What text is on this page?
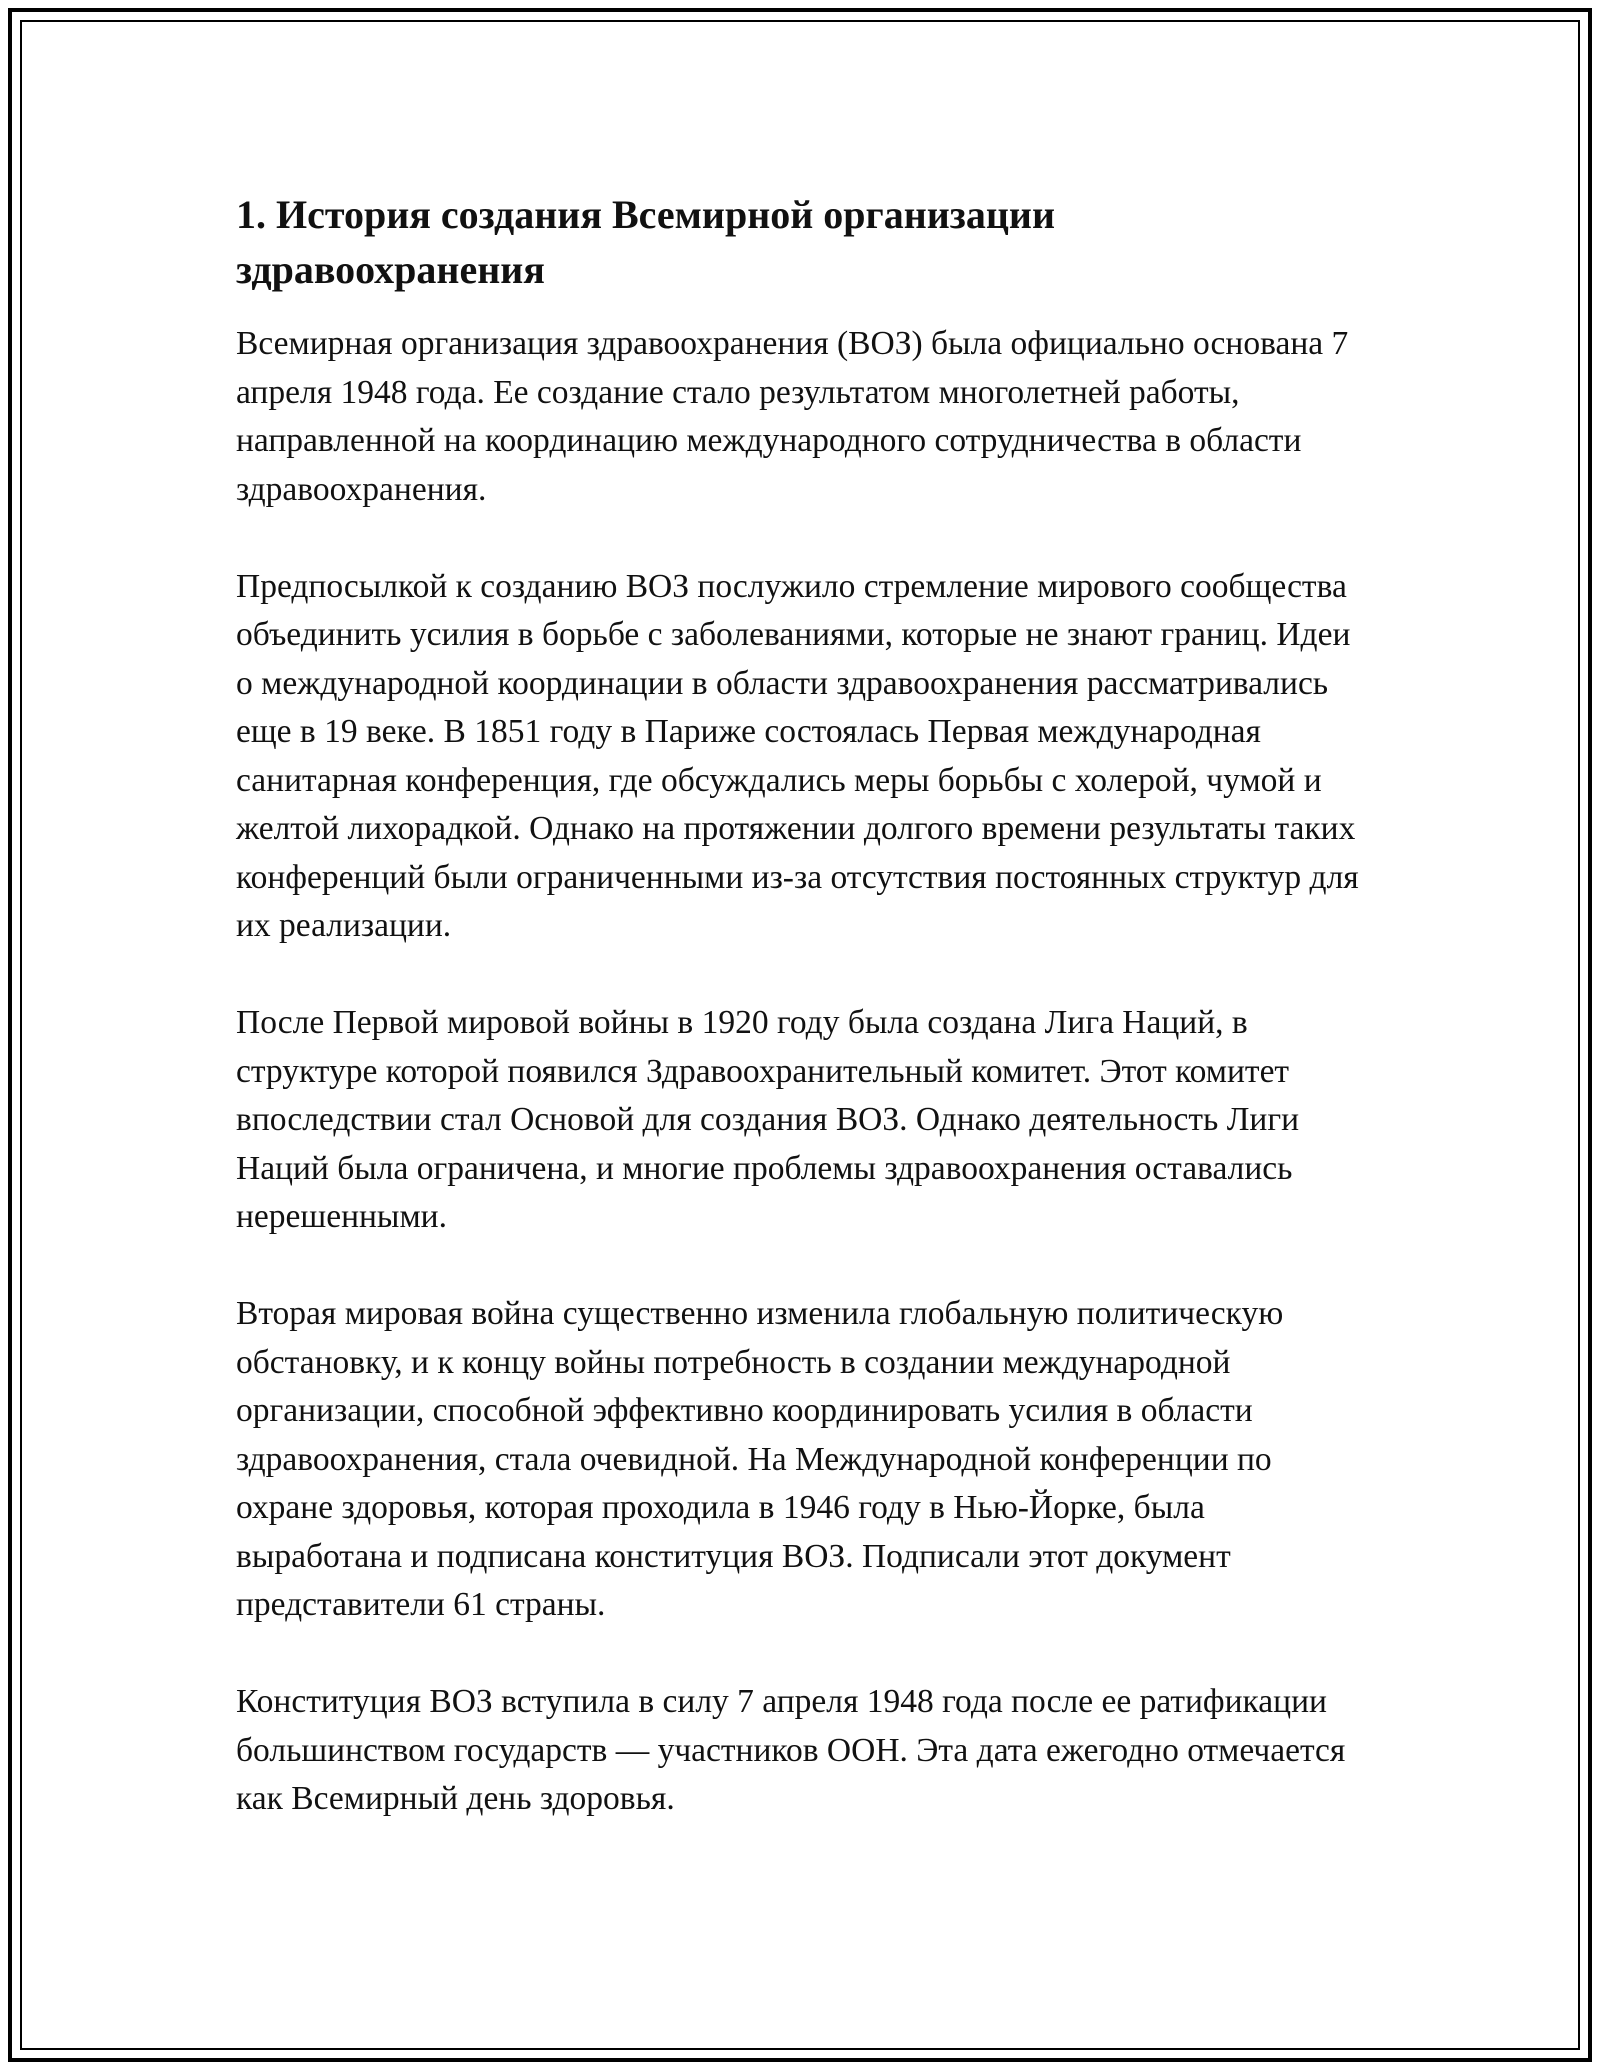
1. История создания Всемирной организации
здравоохранения

Всемирная организация здравоохранения (ВОЗ) была официально основана 7 апреля 1948 года. Ее создание стало результатом многолетней работы, направленной на координацию международного сотрудничества в области здравоохранения.

Предпосылкой к созданию ВОЗ послужило стремление мирового сообщества объединить усилия в борьбе с заболеваниями, которые не знают границ. Идеи о международной координации в области здравоохранения рассматривались еще в 19 веке. В 1851 году в Париже состоялась Первая международная санитарная конференция, где обсуждались меры борьбы с холерой, чумой и желтой лихорадкой. Однако на протяжении долгого времени результаты таких конференций были ограниченными из-за отсутствия постоянных структур для их реализации.

После Первой мировой войны в 1920 году была создана Лига Наций, в структуре которой появился Здравоохранительный комитет. Этот комитет впоследствии стал Основой для создания ВОЗ. Однако деятельность Лиги Наций была ограничена, и многие проблемы здравоохранения оставались нерешенными.

Вторая мировая война существенно изменила глобальную политическую обстановку, и к концу войны потребность в создании международной организации, способной эффективно координировать усилия в области здравоохранения, стала очевидной. На Международной конференции по охране здоровья, которая проходила в 1946 году в Нью-Йорке, была выработана и подписана конституция ВОЗ. Подписали этот документ представители 61 страны.

Конституция ВОЗ вступила в силу 7 апреля 1948 года после ее ратификации большинством государств — участников ООН. Эта дата ежегодно отмечается как Всемирный день здоровья.
